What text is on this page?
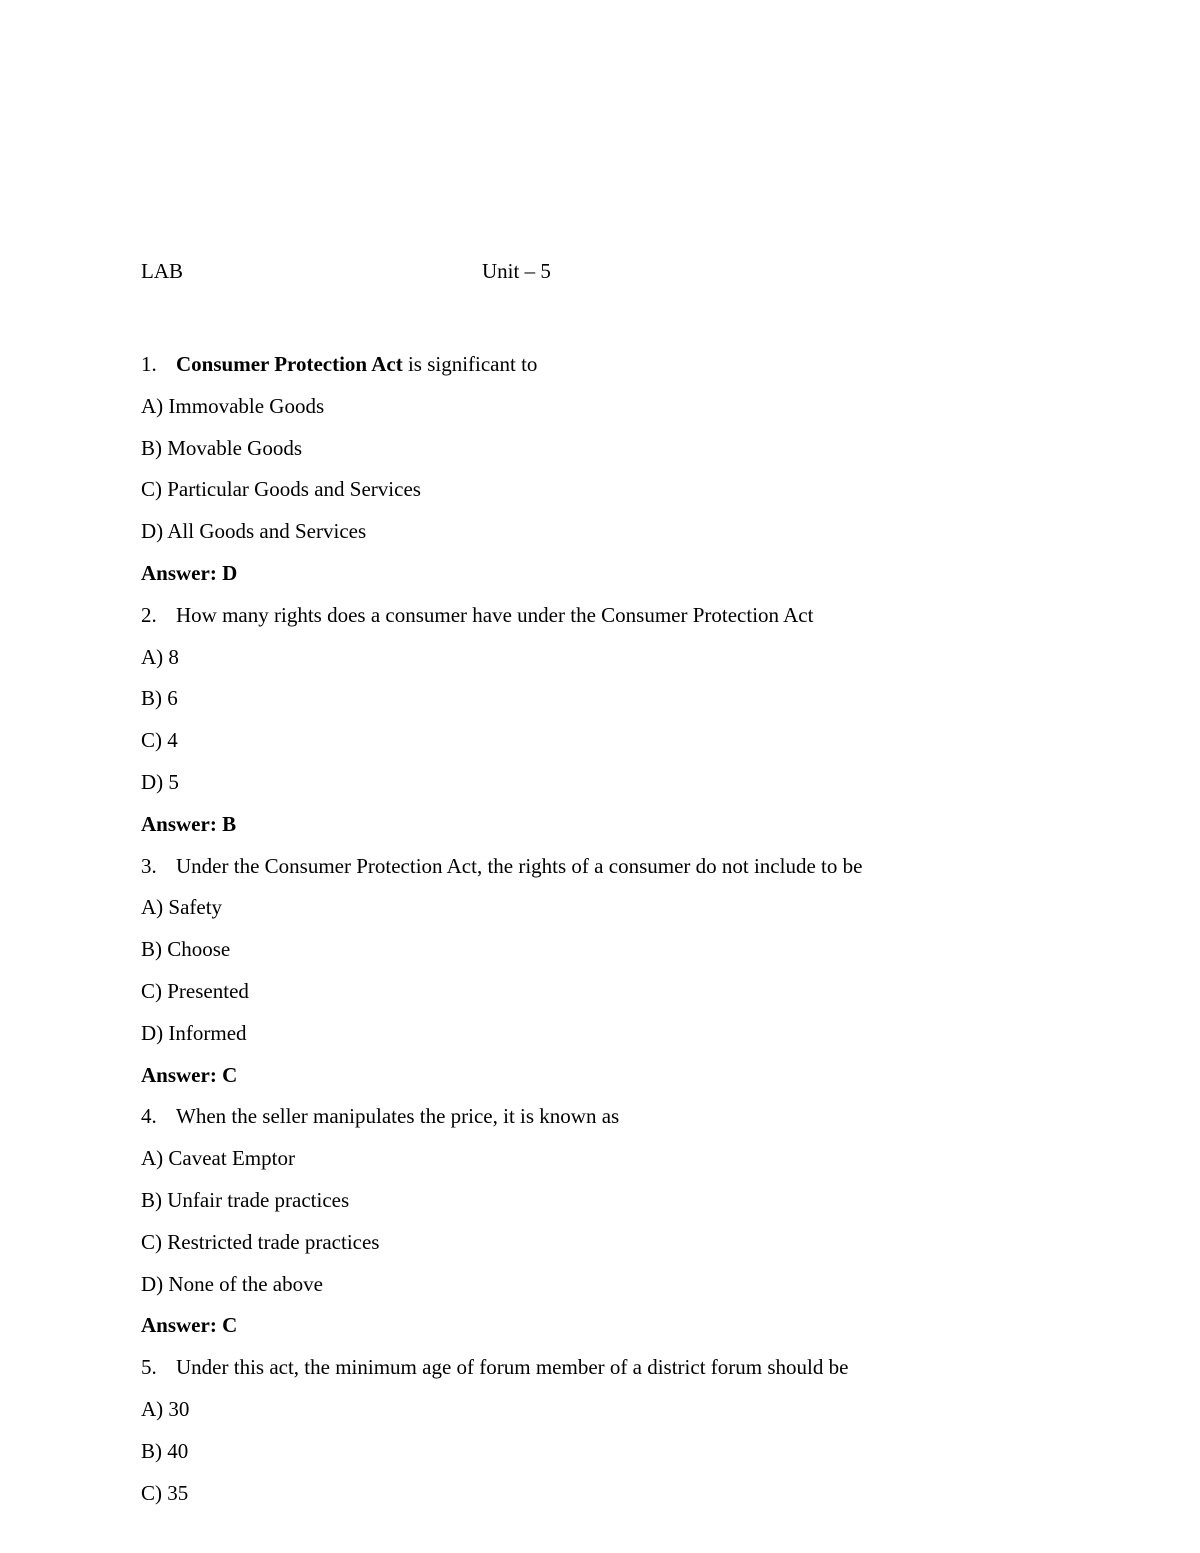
LAB	Unit – 5
1. Consumer Protection Act is significant to
A) Immovable Goods
B) Movable Goods
C) Particular Goods and Services
D) All Goods and Services
Answer: D
2. How many rights does a consumer have under the Consumer Protection Act
A) 8
B) 6
C) 4
D) 5
Answer: B
3. Under the Consumer Protection Act, the rights of a consumer do not include to be
A) Safety
B) Choose
C) Presented
D) Informed
Answer: C
4. When the seller manipulates the price, it is known as
A) Caveat Emptor
B) Unfair trade practices
C) Restricted trade practices
D) None of the above
Answer: C
5. Under this act, the minimum age of forum member of a district forum should be
A) 30
B) 40
C) 35
